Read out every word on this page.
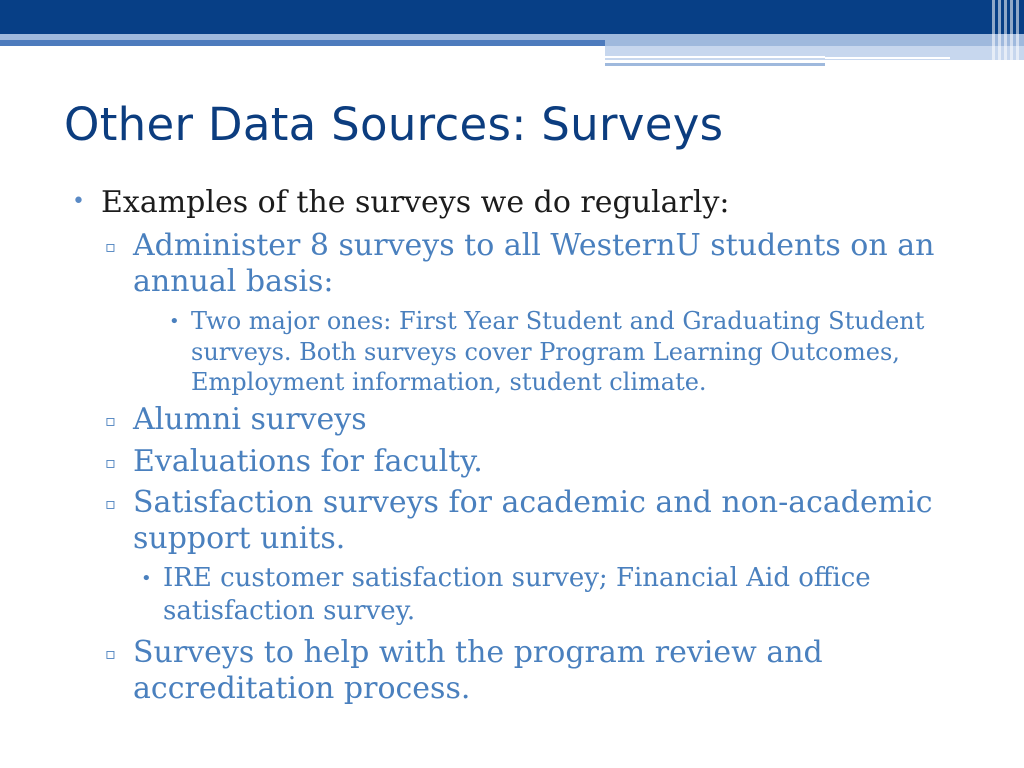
Other Data Sources: Surveys
• Examples of the surveys we do regularly:

▫ Administer 8 surveys to all WesternU students on an

annual basis:

• Two major ones: First Year Student and Graduating Student

surveys. Both surveys cover Program Learning Outcomes,

Employment information, student climate.

▫ Alumni surveys

▫ Evaluations for faculty.

▫ Satisfaction surveys for academic and non-academic

support units.

• IRE customer satisfaction survey; Financial Aid office

satisfaction survey.

▫ Surveys to help with the program review and

accreditation process.
